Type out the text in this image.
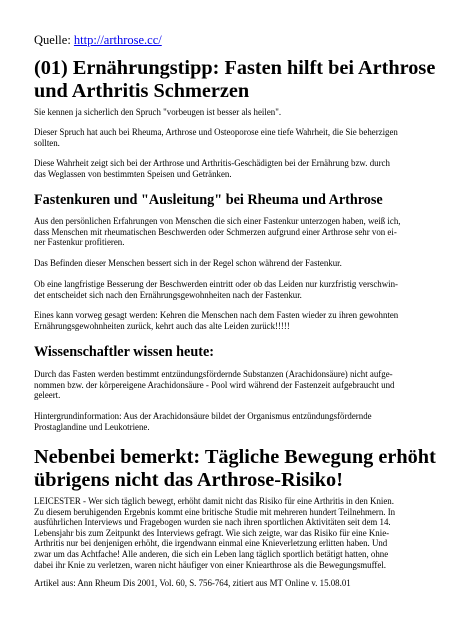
Quelle: http://arthrose.cc/
(01) Ernährungstipp: Fasten hilft bei Arthrose
und Arthritis Schmerzen
Sie kennen ja sicherlich den Spruch "vorbeugen ist besser als heilen".
Dieser Spruch hat auch bei Rheuma, Arthrose und Osteoporose eine tiefe Wahrheit, die Sie beherzigen
sollten.
Diese Wahrheit zeigt sich bei der Arthrose und Arthritis-Geschädigten bei der Ernährung bzw. durch
das Weglassen von bestimmten Speisen und Getränken.
Fastenkuren und "Ausleitung" bei Rheuma und Arthrose
Aus den persönlichen Erfahrungen von Menschen die sich einer Fastenkur unterzogen haben, weiß ich,
dass Menschen mit rheumatischen Beschwerden oder Schmerzen aufgrund einer Arthrose sehr von ei-
ner Fastenkur profitieren.
Das Befinden dieser Menschen bessert sich in der Regel schon während der Fastenkur.
Ob eine langfristige Besserung der Beschwerden eintritt oder ob das Leiden nur kurzfristig verschwin-
det entscheidet sich nach den Ernährungsgewohnheiten nach der Fastenkur.
Eines kann vorweg gesagt werden: Kehren die Menschen nach dem Fasten wieder zu ihren gewohnten
Ernährungsgewohnheiten zurück, kehrt auch das alte Leiden zurück!!!!!
Wissenschaftler wissen heute:
Durch das Fasten werden bestimmt entzündungsfördernde Substanzen (Arachidonsäure) nicht aufge-
nommen bzw. der körpereigene Arachidonsäure - Pool wird während der Fastenzeit aufgebraucht und
geleert.
Hintergrundinformation: Aus der Arachidonsäure bildet der Organismus entzündungsfördernde
Prostaglandine und Leukotriene.
Nebenbei bemerkt: Tägliche Bewegung erhöht
übrigens nicht das Arthrose-Risiko!
LEICESTER - Wer sich täglich bewegt, erhöht damit nicht das Risiko für eine Arthritis in den Knien.
Zu diesem beruhigenden Ergebnis kommt eine britische Studie mit mehreren hundert Teilnehmern. In
ausführlichen Interviews und Fragebogen wurden sie nach ihren sportlichen Aktivitäten seit dem 14.
Lebensjahr bis zum Zeitpunkt des Interviews gefragt. Wie sich zeigte, war das Risiko für eine Knie-
Arthritis nur bei denjenigen erhöht, die irgendwann einmal eine Knieverletzung erlitten haben. Und
zwar um das Achtfache! Alle anderen, die sich ein Leben lang täglich sportlich betätigt hatten, ohne
dabei ihr Knie zu verletzen, waren nicht häufiger von einer Kniearthrose als die Bewegungsmuffel.
Artikel aus: Ann Rheum Dis 2001, Vol. 60, S. 756-764, zitiert aus MT Online v. 15.08.01
